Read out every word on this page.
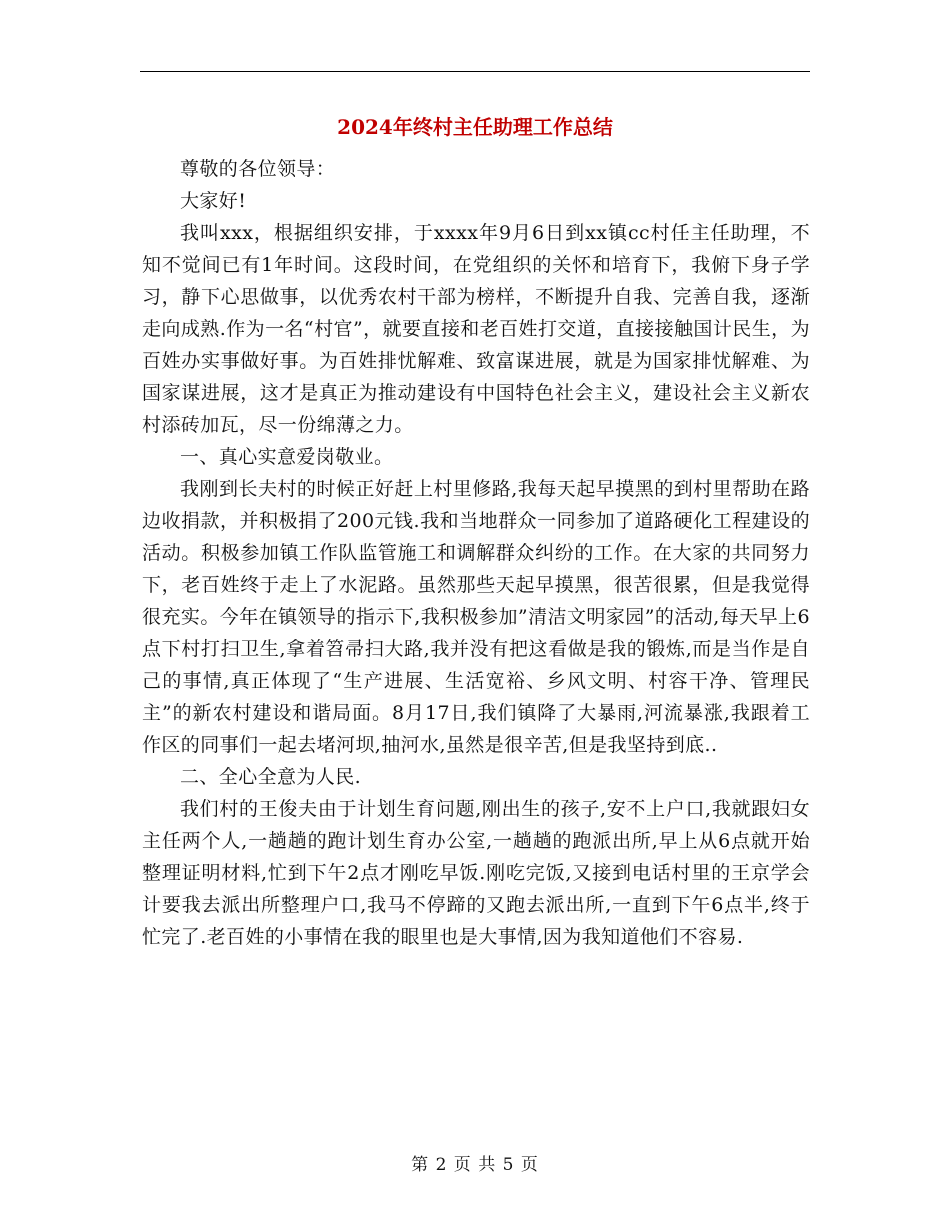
2024年终村主任助理工作总结

尊敬的各位领导：

大家好!

我叫xxx，根据组织安排，于xxxx年9月6日到xx镇cc村任主任助理，不知不觉间已有1年时间。这段时间，在党组织的关怀和培育下，我俯下身子学习，静下心思做事，以优秀农村干部为榜样，不断提升自我、完善自我，逐渐走向成熟.作为一名“村官”，就要直接和老百姓打交道，直接接触国计民生，为百姓办实事做好事。为百姓排忧解难、致富谋进展，就是为国家排忧解难、为国家谋进展，这才是真正为推动建设有中国特色社会主义，建设社会主义新农村添砖加瓦，尽一份绵薄之力。

一、真心实意爱岗敬业。

我刚到长夫村的时候正好赶上村里修路,我每天起早摸黑的到村里帮助在路边收捐款，并积极捐了200元钱.我和当地群众一同参加了道路硬化工程建设的活动。积极参加镇工作队监管施工和调解群众纠纷的工作。在大家的共同努力下，老百姓终于走上了水泥路。虽然那些天起早摸黑，很苦很累，但是我觉得很充实。今年在镇领导的指示下,我积极参加”清洁文明家园”的活动,每天早上6点下村打扫卫生,拿着笤帚扫大路,我并没有把这看做是我的锻炼,而是当作是自己的事情,真正体现了“生产进展、生活宽裕、乡风文明、村容干净、管理民主”的新农村建设和谐局面。8月17日,我们镇降了大暴雨,河流暴涨,我跟着工作区的同事们一起去堵河坝,抽河水,虽然是很辛苦,但是我坚持到底..

二、全心全意为人民.

我们村的王俊夫由于计划生育问题,刚出生的孩子,安不上户口,我就跟妇女主任两个人,一趟趟的跑计划生育办公室,一趟趟的跑派出所,早上从6点就开始整理证明材料,忙到下午2点才刚吃早饭.刚吃完饭,又接到电话村里的王京学会计要我去派出所整理户口,我马不停蹄的又跑去派出所,一直到下午6点半,终于忙完了.老百姓的小事情在我的眼里也是大事情,因为我知道他们不容易.

第 2 页 共 5 页
